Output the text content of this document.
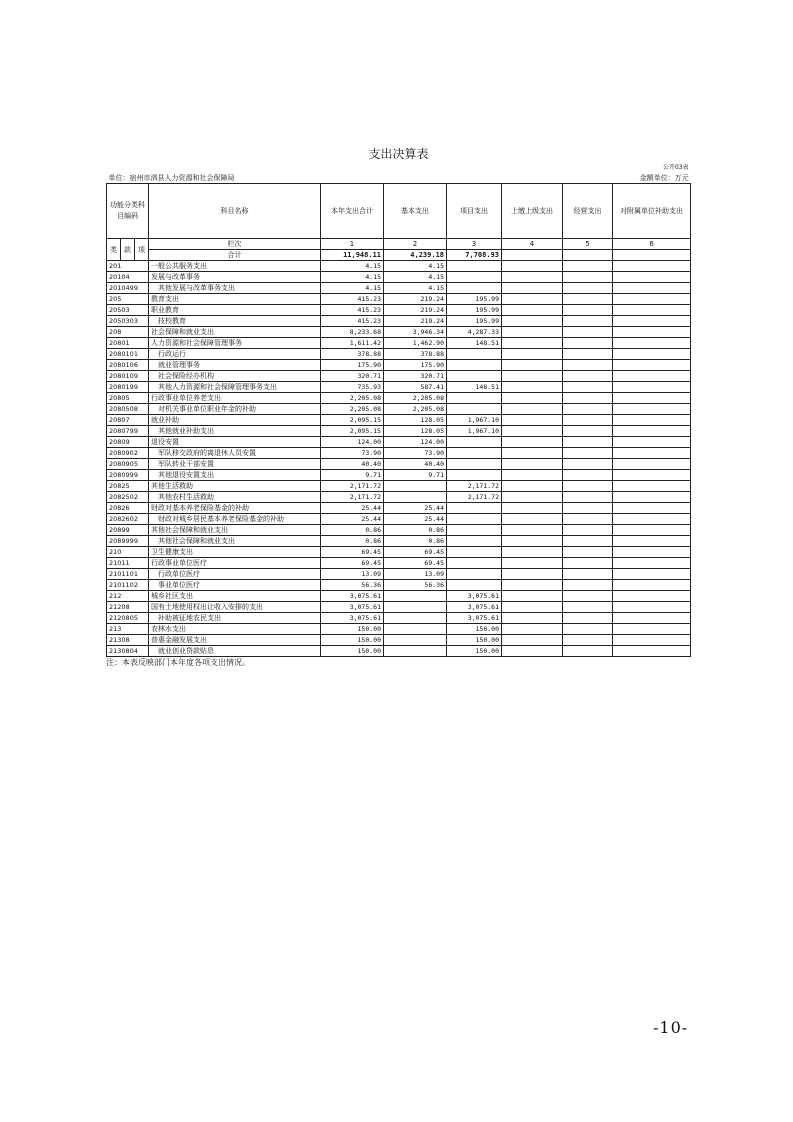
支出决算表									
公开03表									
单位：宿州市泗县人力资源和社会保障局							金额单位：万元		
功能分类科目编码			科目名称	本年支出合计	基本支出	项目支出	上缴上级支出	经营支出	对附属单位补助支出
类	款	项	栏次	1	2	3	4	5	6
			合计	11,948.11	4,239.18	7,708.93			
201			一般公共服务支出	4.15	4.15				
20104			发展与改革事务	4.15	4.15				
2010499			其他发展与改革事务支出	4.15	4.15				
205			教育支出	415.23	219.24	195.99			
20503			职业教育	415.23	219.24	195.99			
2050303			技校教育	415.23	219.24	195.99			
208			社会保障和就业支出	8,233.68	3,946.34	4,287.33			
20801			人力资源和社会保障管理事务	1,611.42	1,462.90	148.51			
2080101			行政运行	378.88	378.88				
2080106			就业管理事务	175.90	175.90				
2080109			社会保险经办机构	320.71	320.71				
2080199			其他人力资源和社会保障管理事务支出	735.93	587.41	148.51			
20805			行政事业单位养老支出	2,205.08	2,205.08				
2080508			对机关事业单位职业年金的补助	2,205.08	2,205.08				
20807			就业补助	2,095.15	128.05	1,967.10			
2080799			其他就业补助支出	2,095.15	128.05	1,967.10			
20809			退役安置	124.00	124.00				
2080902			军队移交政府的离退休人员安置	73.90	73.90				
2080905			军队转业干部安置	40.40	40.40				
2080999			其他退役安置支出	9.71	9.71				
20825			其他生活救助	2,171.72		2,171.72			
2082502			其他农村生活救助	2,171.72		2,171.72			
20826			财政对基本养老保险基金的补助	25.44	25.44				
2082602			财政对城乡居民基本养老保险基金的补助	25.44	25.44				
20899			其他社会保障和就业支出	0.86	0.86				
2089999			其他社会保障和就业支出	0.86	0.86				
210			卫生健康支出	69.45	69.45				
21011			行政事业单位医疗	69.45	69.45				
2101101			行政单位医疗	13.09	13.09				
2101102			事业单位医疗	56.36	56.36				
212			城乡社区支出	3,075.61		3,075.61			
21208			国有土地使用权出让收入安排的支出	3,075.61		3,075.61			
2120805			补助被征地农民支出	3,075.61		3,075.61			
213			农林水支出	150.00		150.00			
21308			普惠金融发展支出	150.00		150.00			
2130804			就业创业贷款贴息	150.00		150.00			
注：本表反映部门本年度各项支出情况。
-10-
